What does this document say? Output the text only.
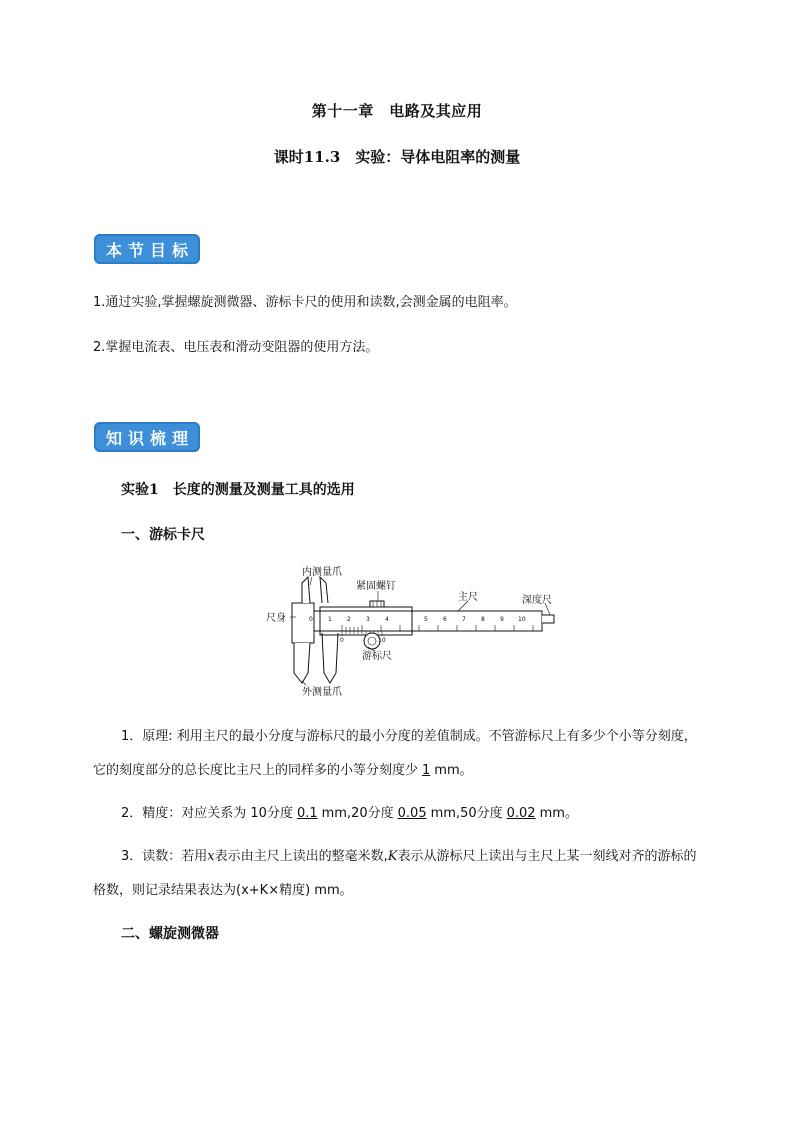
第十一章　电路及其应用
课时11.3　实验：导体电阻率的测量
本节目标
1.通过实验,掌握螺旋测微器、游标卡尺的使用和读数,会测金属的电阻率。
2.掌握电流表、电压表和滑动变阻器的使用方法。
知识梳理
实验1　长度的测量及测量工具的选用
一、游标卡尺
0	1	2	3	4	5	6	7	8	9 10
0	10
内测量爪
紧固螺钉
主尺	深度尺
尺身
游标尺
外测量爪
1．原理: 利用主尺的最小分度与游标尺的最小分度的差值制成。不管游标尺上有多少个小等分刻度，它的刻度部分的总长度比主尺上的同样多的小等分刻度少 1 mm。
2．精度：对应关系为 10分度 0.1 mm,20分度 0.05 mm,50分度 0.02 mm。
3．读数：若用x表示由主尺上读出的整毫米数,K表示从游标尺上读出与主尺上某一刻线对齐的游标的格数，则记录结果表达为(x+K×精度) mm。
二、螺旋测微器
